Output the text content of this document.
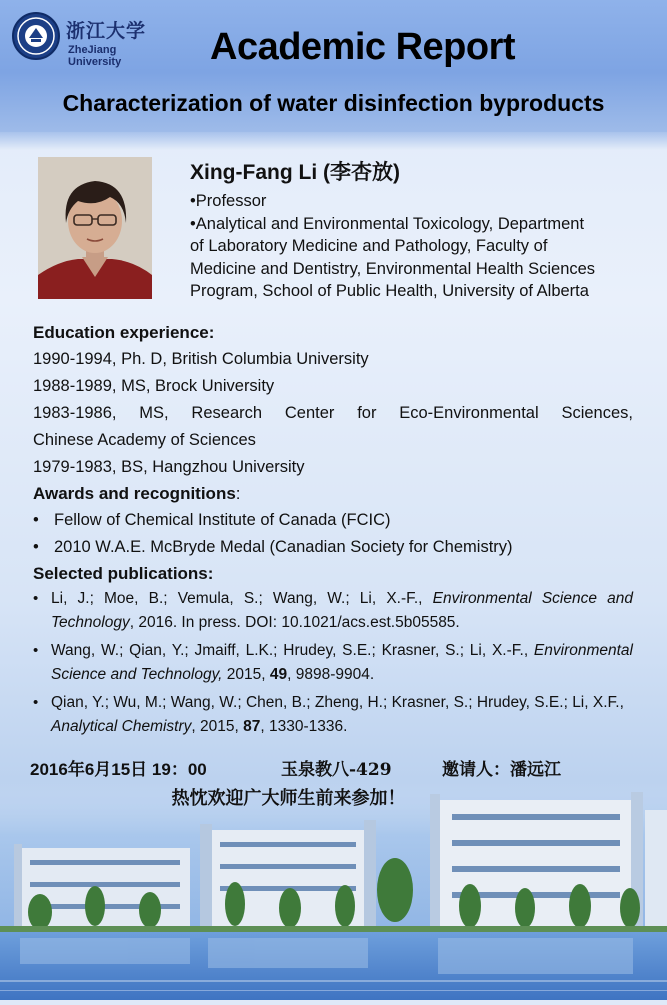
浙江大学
ZheJiang University	Academic Report
Characterization of water disinfection byproducts
Xing-Fang Li (李杏放)
•Professor
•Analytical and Environmental Toxicology, Department
of Laboratory Medicine and Pathology, Faculty of
Medicine and Dentistry, Environmental Health Sciences
Program, School of Public Health, University of Alberta
Education experience:
1990-1994, Ph. D, British Columbia University
1988-1989, MS, Brock University
1983-1986, MS, Research Center for Eco-Environmental Sciences,
Chinese Academy of Sciences
1979-1983, BS, Hangzhou University
Awards and recognitions:
• Fellow of Chemical Institute of Canada (FCIC)
• 2010 W.A.E. McBryde Medal (Canadian Society for Chemistry)
Selected publications:
• Li, J.; Moe, B.; Vemula, S.; Wang, W.; Li, X.-F., Environmental Science and Technology, 2016. In press. DOI: 10.1021/acs.est.5b05585.
• Wang, W.; Qian, Y.; Jmaiff, L.K.; Hrudey, S.E.; Krasner, S.; Li, X.-F., Environmental Science and Technology, 2015, 49, 9898-9904.
• Qian, Y.; Wu, M.; Wang, W.; Chen, B.; Zheng, H.; Krasner, S.; Hrudey, S.E.; Li, X.F., Analytical Chemistry, 2015, 87, 1330-1336.
2016年6月15日 19：00	玉泉教八-429	邀请人：潘远江
热忱欢迎广大师生前来参加！
